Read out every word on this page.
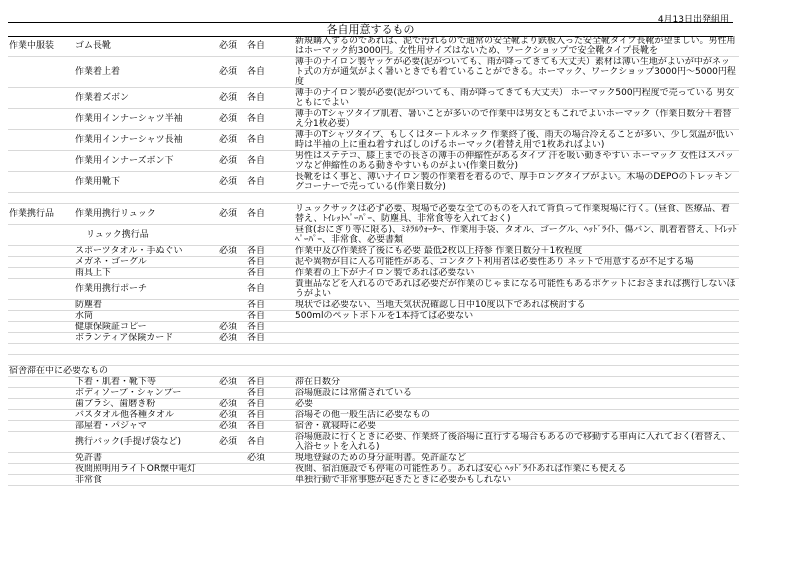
4月13日出発組用
各自用意するもの
作業中服装	ゴム長靴	必須	各自	新規購入するのであれば、泥で汚れるので通常の安全靴より鉄板入った安全靴タイプ長靴が望ましい。男性用はホーマック約3000円。女性用サイズはないため、ワークショップで安全靴タイプ長靴を
	作業着上着	必須	各自	薄手のナイロン製ヤッケが必要(泥がついても、雨が降ってきても大丈夫）素材は薄い生地がよいが中がネット式の方が通気がよく暑いときでも着ていることができる。ホーマック、ワークショップ3000円～5000円程度
	作業着ズボン	必須	各自	薄手のナイロン製が必要(泥がついても、雨が降ってきても大丈夫） ホーマック500円程度で売っている 男女ともにでよい
	作業用インナーシャツ半袖	必須	各自	薄手のTシャツタイプ肌着、暑いことが多いので作業中は男女ともこれでよいホーマック（作業日数分＋着替え分1枚必要）
	作業用インナーシャツ長袖	必須	各自	薄手のTシャツタイプ、もしくはタートルネック 作業終了後、雨天の場合冷えることが多い、少し気温が低い時は半袖の上に重ね着すればしのげるホーマック(着替え用で1枚あればよい)
	作業用インナーズボン下	必須	各自	男性はステテコ、膝上までの長さの薄手の伸縮性があるタイプ 汗を吸い動きやすい ホーマック 女性はスパッツなど伸縮性のある動きやすいものがよい(作業日数分)
	作業用靴下	必須	各自	長靴をはく事と、薄いナイロン製の作業着を着るので、厚手ロングタイプがよい。木場のDEPOのトレッキングコーナーで売っている(作業日数分)

作業携行品	作業用携行リュック	必須	各自	リュックサックは必ず必要、現場で必要な全てのものを入れて背負って作業現場に行く。(昼食、医療品、着替え、ﾄｲﾚｯﾄﾍﾟｰﾊﾟｰ、防塵具、非常食等を入れておく)
リュック携行品				昼食(おにぎり等に限る)、ﾐﾈﾗﾙｳｫｰﾀｰ、作業用手袋、タオル、ゴーグル、ﾍｯﾄﾞﾗｲﾄ、傷バン、肌着着替え、ﾄｲﾚｯﾄﾍﾟｰﾊﾟｰ、非常食、必要書類
	スポーツタオル・手ぬぐい	必須	各自	作業中及び作業終了後にも必要 最低2枚以上持参 作業日数分＋1枚程度
	メガネ・ゴーグル		各自	泥や異物が目に入る可能性がある、コンタクト利用者は必要性あり ネットで用意するが不足する場
	雨具上下		各自	作業着の上下がナイロン製であれば必要ない
	作業用携行ポーチ		各自	貴重品などを入れるのであれば必要だが作業のじゃまになる可能性もあるポケットにおさまれば携行しないほうがよい
	防塵着		各自	現状では必要ない、当地天気状況確認し日中10度以下であれば検討する
	水筒		各自	500mlのペットボトルを1本持てば必要ない
	健康保険証コピー	必須	各自	
	ボランティア保険カード	必須	各自	

宿舎滞在中に必要なもの				
	下着・肌着・靴下等	必須	各自	滞在日数分
	ボディソープ・シャンプー		各自	浴場施設には常備されている
	歯ブラシ、歯磨き粉	必須	各自	必要
	バスタオル他各種タオル	必須	各自	浴場その他一般生活に必要なもの
	部屋着・パジャマ	必須	各自	宿舎・就寝時に必要
	携行バック(手提げ袋など)	必須	各自	浴場施設に行くときに必要、作業終了後浴場に直行する場合もあるので移動する車両に入れておく(着替え、入浴セットを入れる)
	免許書		必須	現地登録のための身分証明書。免許証など
	夜間照明用ライトOR懐中電灯			夜間、宿泊施設でも停電の可能性あり。あれば安心 ﾍｯﾄﾞﾗｲﾄあれば作業にも使える
	非常食			単独行動で非常事態が起きたときに必要かもしれない
